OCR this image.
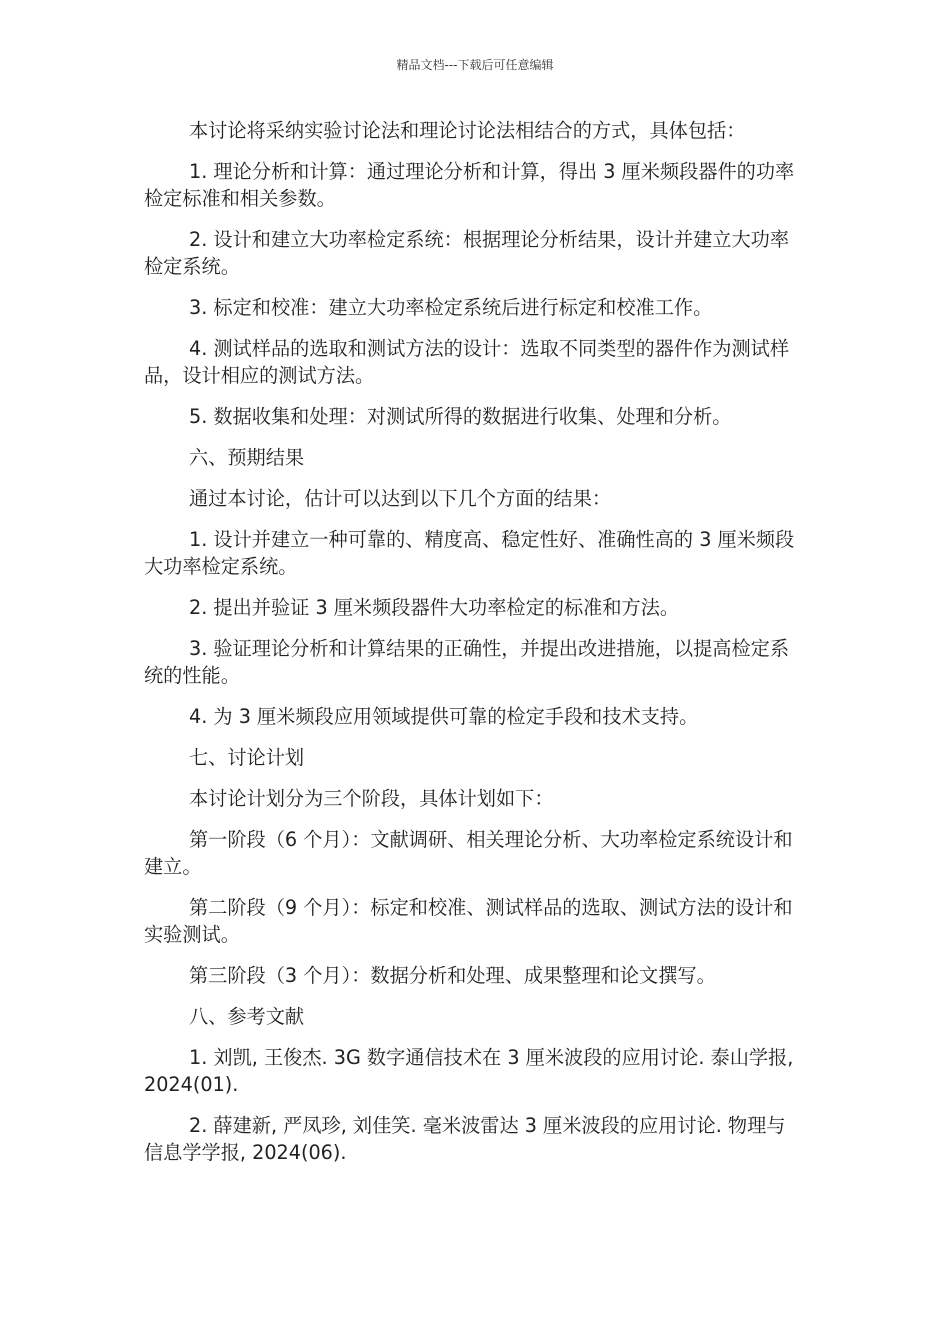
精品文档---下载后可任意编辑

本讨论将采纳实验讨论法和理论讨论法相结合的方式，具体包括：

1. 理论分析和计算：通过理论分析和计算，得出 3 厘米频段器件的功率检定标准和相关参数。

2. 设计和建立大功率检定系统：根据理论分析结果，设计并建立大功率检定系统。

3. 标定和校准：建立大功率检定系统后进行标定和校准工作。

4. 测试样品的选取和测试方法的设计：选取不同类型的器件作为测试样品，设计相应的测试方法。

5. 数据收集和处理：对测试所得的数据进行收集、处理和分析。

六、预期结果

通过本讨论，估计可以达到以下几个方面的结果：

1. 设计并建立一种可靠的、精度高、稳定性好、准确性高的 3 厘米频段大功率检定系统。

2. 提出并验证 3 厘米频段器件大功率检定的标准和方法。

3. 验证理论分析和计算结果的正确性，并提出改进措施，以提高检定系统的性能。

4. 为 3 厘米频段应用领域提供可靠的检定手段和技术支持。

七、讨论计划

本讨论计划分为三个阶段，具体计划如下：

第一阶段（6 个月）：文献调研、相关理论分析、大功率检定系统设计和建立。

第二阶段（9 个月）：标定和校准、测试样品的选取、测试方法的设计和实验测试。

第三阶段（3 个月）：数据分析和处理、成果整理和论文撰写。

八、参考文献

1. 刘凯, 王俊杰. 3G 数字通信技术在 3 厘米波段的应用讨论. 泰山学报, 2024(01).

2. 薛建新, 严凤珍, 刘佳笑. 毫米波雷达 3 厘米波段的应用讨论. 物理与信息学学报, 2024(06).
